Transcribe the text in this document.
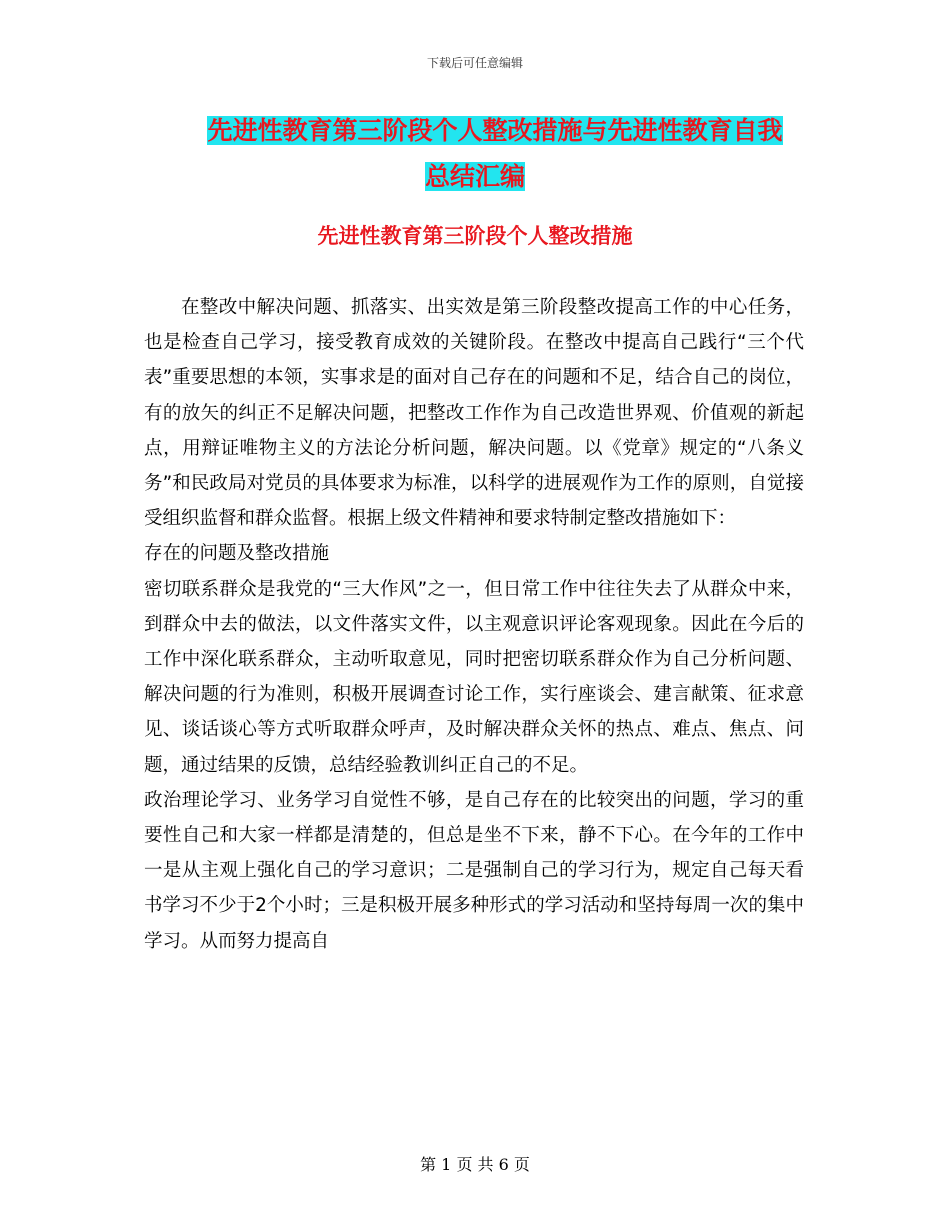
下载后可任意编辑
先进性教育第三阶段个人整改措施与先进性教育自我
总结汇编
先进性教育第三阶段个人整改措施

在整改中解决问题、抓落实、出实效是第三阶段整改提高工作的中心任务，也是检查自己学习，接受教育成效的关键阶段。在整改中提高自己践行“三个代表”重要思想的本领，实事求是的面对自己存在的问题和不足，结合自己的岗位，有的放矢的纠正不足解决问题，把整改工作作为自己改造世界观、价值观的新起点，用辩证唯物主义的方法论分析问题，解决问题。以《党章》规定的“八条义务”和民政局对党员的具体要求为标准，以科学的进展观作为工作的原则，自觉接受组织监督和群众监督。根据上级文件精神和要求特制定整改措施如下：

存在的问题及整改措施

密切联系群众是我党的“三大作风”之一，但日常工作中往往失去了从群众中来，到群众中去的做法，以文件落实文件，以主观意识评论客观现象。因此在今后的工作中深化联系群众，主动听取意见，同时把密切联系群众作为自己分析问题、解决问题的行为准则，积极开展调查讨论工作，实行座谈会、建言献策、征求意见、谈话谈心等方式听取群众呼声，及时解决群众关怀的热点、难点、焦点、问题，通过结果的反馈，总结经验教训纠正自己的不足。

政治理论学习、业务学习自觉性不够，是自己存在的比较突出的问题，学习的重要性自己和大家一样都是清楚的，但总是坐不下来，静不下心。在今年的工作中一是从主观上强化自己的学习意识；二是强制自己的学习行为，规定自己每天看书学习不少于2个小时；三是积极开展多种形式的学习活动和坚持每周一次的集中学习。从而努力提高自

第 1 页 共 6 页
